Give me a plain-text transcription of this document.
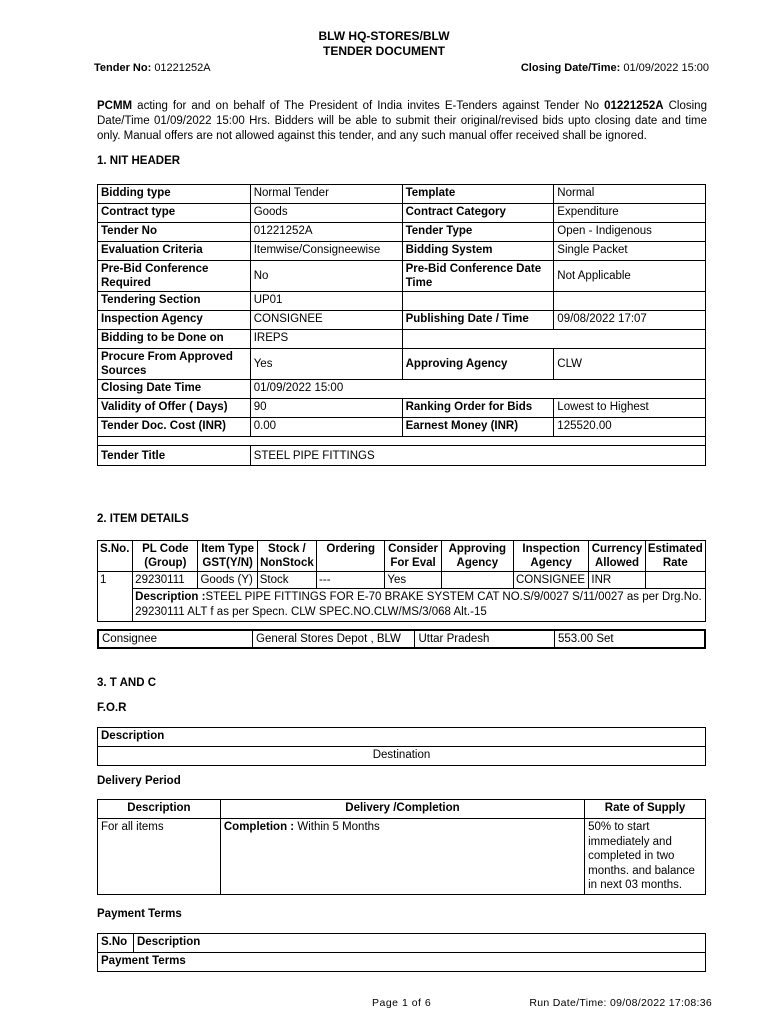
BLW HQ-STORES/BLW
TENDER DOCUMENT
Tender No: 01221252A	Closing Date/Time: 01/09/2022 15:00
PCMM acting for and on behalf of The President of India invites E-Tenders against Tender No 01221252A Closing Date/Time 01/09/2022 15:00 Hrs. Bidders will be able to submit their original/revised bids upto closing date and time only. Manual offers are not allowed against this tender, and any such manual offer received shall be ignored.
1. NIT HEADER
Bidding type	Normal Tender	Template	Normal
Contract type	Goods	Contract Category	Expenditure
Tender No	01221252A	Tender Type	Open - Indigenous
Evaluation Criteria	Itemwise/Consigneewise	Bidding System	Single Packet
Pre-Bid Conference Required	No	Pre-Bid Conference Date Time	Not Applicable
Tendering Section	UP01		
Inspection Agency	CONSIGNEE	Publishing Date / Time	09/08/2022 17:07
Bidding to be Done on	IREPS		
Procure From Approved Sources	Yes	Approving Agency	CLW
Closing Date Time	01/09/2022 15:00		
Validity of Offer ( Days)	90	Ranking Order for Bids	Lowest to Highest
Tender Doc. Cost (INR)	0.00	Earnest Money (INR)	125520.00

Tender Title	STEEL PIPE FITTINGS		
2. ITEM DETAILS
S.No.	PL Code (Group)	Item Type GST(Y/N)	Stock / NonStock	Ordering	Consider For Eval	Approving Agency	Inspection Agency	Currency Allowed	Estimated Rate
1	29230111	Goods (Y)	Stock	---	Yes		CONSIGNEE	INR	
	Description :STEEL PIPE FITTINGS FOR E-70 BRAKE SYSTEM CAT NO.S/9/0027 S/11/0027 as per Drg.No. 29230111 ALT f as per Specn. CLW SPEC.NO.CLW/MS/3/068 Alt.-15								
Consignee	General Stores Depot , BLW	Uttar Pradesh	553.00 Set
3. T AND C
F.O.R
Description
Destination
Delivery Period
Description	Delivery /Completion	Rate of Supply
For all items	Completion : Within 5 Months	50% to start immediately and completed in two months. and balance in next 03 months.
Payment Terms
S.No	Description
Payment Terms
Page 1 of 6	Run Date/Time: 09/08/2022 17:08:36
